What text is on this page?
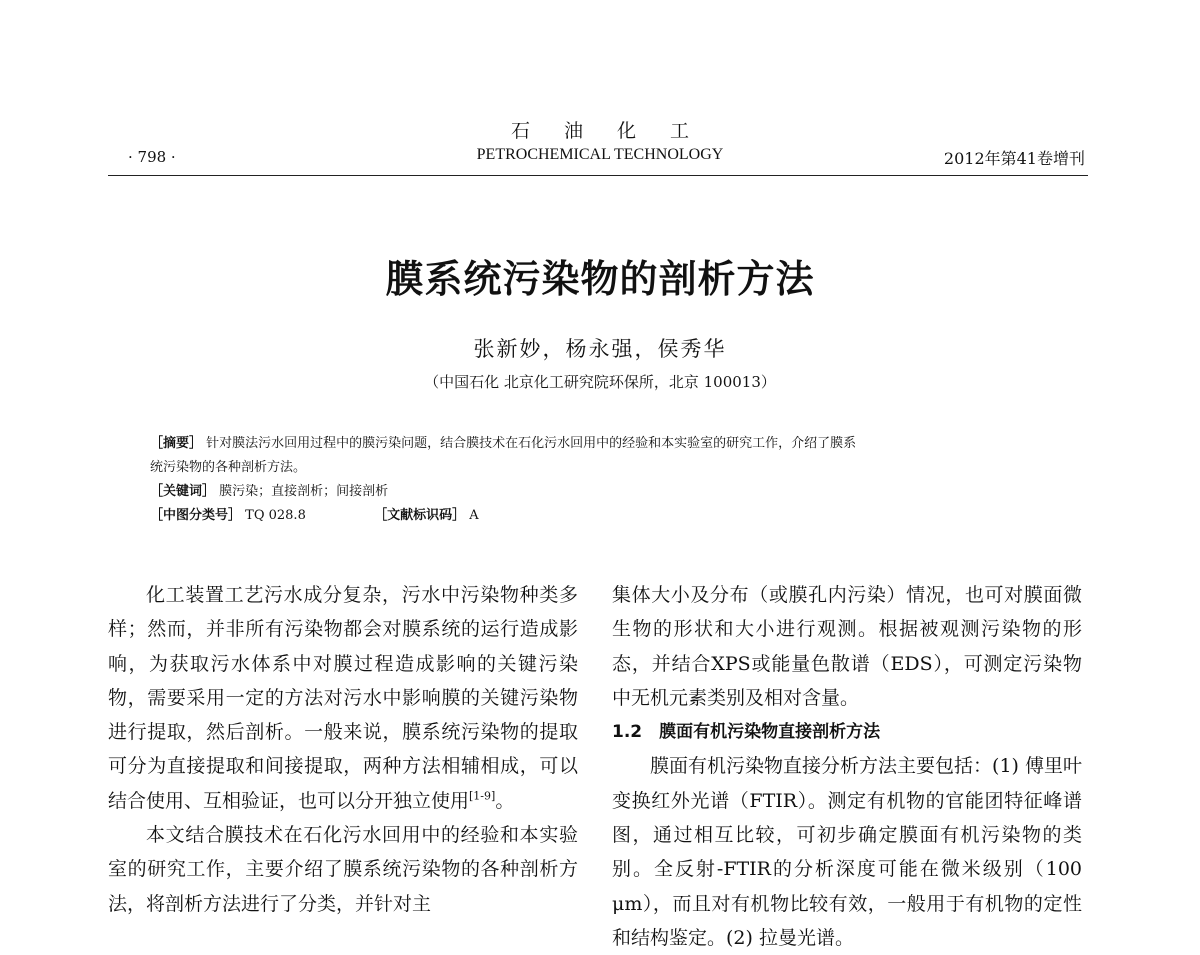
石油化工
· 798 ·	PETROCHEMICAL TECHNOLOGY	2012年第41卷增刊
膜系统污染物的剖析方法
张新妙，杨永强，侯秀华
（中国石化 北京化工研究院环保所，北京 100013）
［摘要］ 针对膜法污水回用过程中的膜污染问题，结合膜技术在石化污水回用中的经验和本实验室的研究工作，介绍了膜系
统污染物的各种剖析方法。
［关键词］ 膜污染；直接剖析；间接剖析
［中图分类号］ TQ 028.8	［文献标识码］ A

化工装置工艺污水成分复杂，污水中污染物种类多样；然而，并非所有污染物都会对膜系统的运行造成影响，为获取污水体系中对膜过程造成影响的关键污染物，需要采用一定的方法对污水中影响膜的关键污染物进行提取，然后剖析。一般来说，膜系统污染物的提取可分为直接提取和间接提取，两种方法相辅相成，可以结合使用、互相验证，也可以分开独立使用[1-9]。

本文结合膜技术在石化污水回用中的经验和本实验室的研究工作，主要介绍了膜系统污染物的各种剖析方法，将剖析方法进行了分类，并针对主

集体大小及分布（或膜孔内污染）情况，也可对膜面微生物的形状和大小进行观测。根据被观测污染物的形态，并结合XPS或能量色散谱（EDS），可测定污染物中无机元素类别及相对含量。

1.2　膜面有机污染物直接剖析方法

膜面有机污染物直接分析方法主要包括：(1) 傅里叶变换红外光谱（FTIR）。测定有机物的官能团特征峰谱图，通过相互比较，可初步确定膜面有机污染物的类别。全反射-FTIR的分析深度可能在微米级别（100 μm），而且对有机物比较有效，一般用于有机物的定性和结构鉴定。(2) 拉曼光谱。
